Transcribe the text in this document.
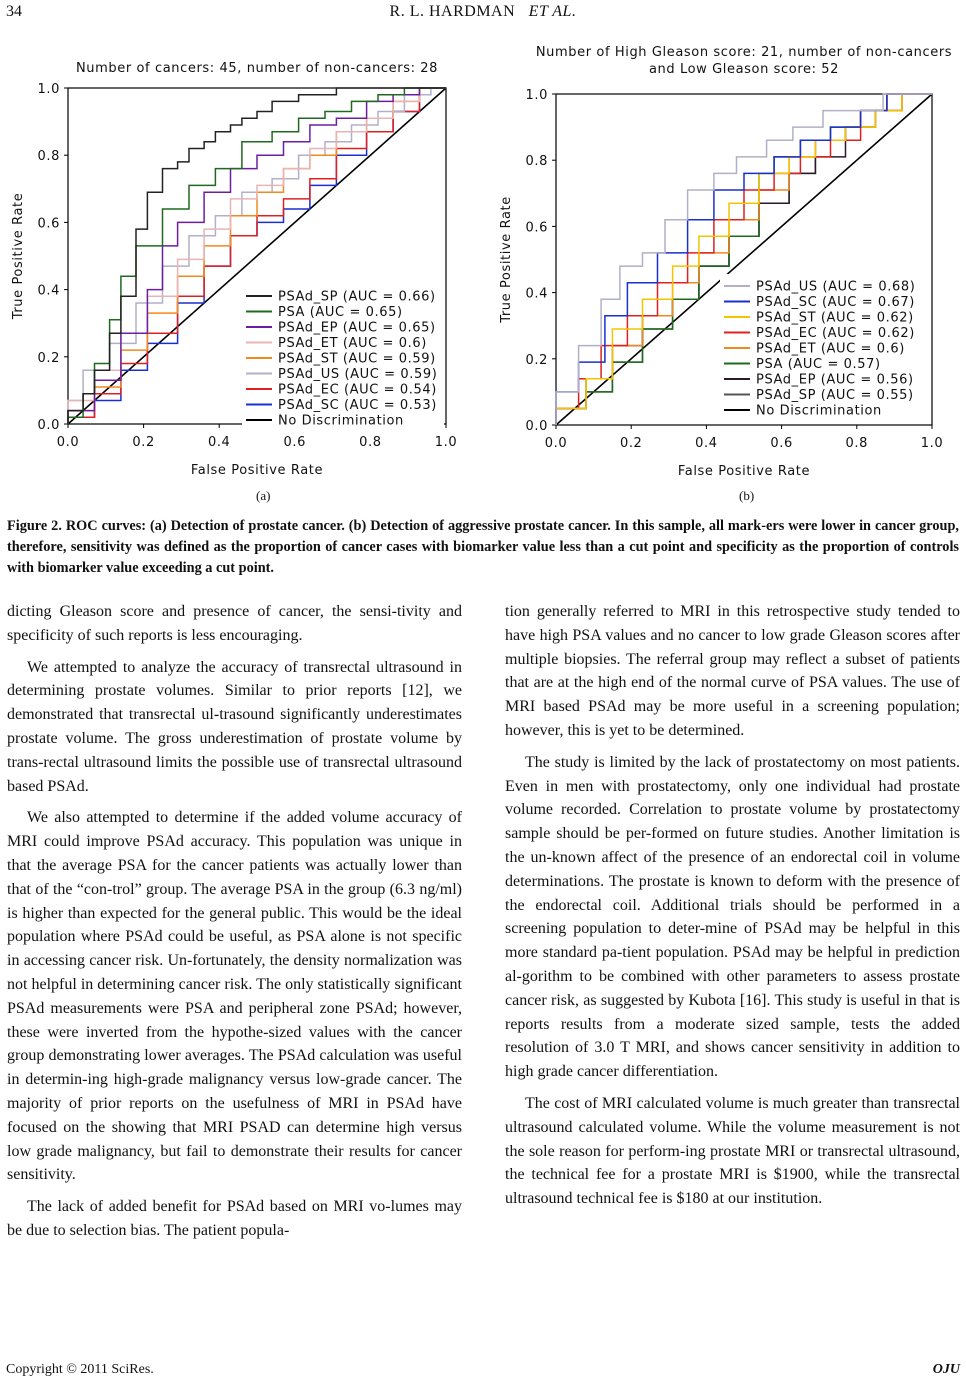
34	R. L. HARDMAN ET AL.
Number of cancers: 45, number of non-cancers: 28
0.0
0.0
0.2
0.2
0.4
0.4
0.6
0.6
0.8
0.8
1.0
1.0
False Positive Rate
True Positive Rate	PSAd_SP (AUC = 0.66)
PSA (AUC = 0.65)
PSAd_EP (AUC = 0.65)
PSAd_ET (AUC = 0.6)
PSAd_ST (AUC = 0.59)
PSAd_US (AUC = 0.59)
PSAd_EC (AUC = 0.54)
PSAd_SC (AUC = 0.53)
No Discrimination
Number of High Gleason score: 21, number of non-cancers
and Low Gleason score: 52
0.0
0.0
0.2
0.2
0.4
0.4
0.6
0.6
0.8
0.8
1.0
1.0
False Positive Rate
True Positive Rate	PSAd_US (AUC = 0.68)
PSAd_SC (AUC = 0.67)
PSAd_ST (AUC = 0.62)
PSAd_EC (AUC = 0.62)
PSAd_ET (AUC = 0.6)
PSA (AUC = 0.57)
PSAd_EP (AUC = 0.56)
PSAd_SP (AUC = 0.55)
No Discrimination
(a)	(b)
Figure 2. ROC curves: (a) Detection of prostate cancer. (b) Detection of aggressive prostate cancer. In this sample, all mark-ers were lower in cancer group, therefore, sensitivity was defined as the proportion of cancer cases with biomarker value less than a cut point and specificity as the proportion of controls with biomarker value exceeding a cut point.

dicting Gleason score and presence of cancer, the sensi-tivity and specificity of such reports is less encouraging.

We attempted to analyze the accuracy of transrectal ultrasound in determining prostate volumes. Similar to prior reports [12], we demonstrated that transrectal ul-trasound significantly underestimates prostate volume. The gross underestimation of prostate volume by trans-rectal ultrasound limits the possible use of transrectal ultrasound based PSAd.

We also attempted to determine if the added volume accuracy of MRI could improve PSAd accuracy. This population was unique in that the average PSA for the cancer patients was actually lower than that of the “con-trol” group. The average PSA in the group (6.3 ng/ml) is higher than expected for the general public. This would be the ideal population where PSAd could be useful, as PSA alone is not specific in accessing cancer risk. Un-fortunately, the density normalization was not helpful in determining cancer risk. The only statistically significant PSAd measurements were PSA and peripheral zone PSAd; however, these were inverted from the hypothe-sized values with the cancer group demonstrating lower averages. The PSAd calculation was useful in determin-ing high-grade malignancy versus low-grade cancer. The majority of prior reports on the usefulness of MRI in PSAd have focused on the showing that MRI PSAD can determine high versus low grade malignancy, but fail to demonstrate their results for cancer sensitivity.

The lack of added benefit for PSAd based on MRI vo-lumes may be due to selection bias. The patient popula-

tion generally referred to MRI in this retrospective study tended to have high PSA values and no cancer to low grade Gleason scores after multiple biopsies. The referral group may reflect a subset of patients that are at the high end of the normal curve of PSA values. The use of MRI based PSAd may be more useful in a screening population; however, this is yet to be determined.

The study is limited by the lack of prostatectomy on most patients. Even in men with prostatectomy, only one individual had prostate volume recorded. Correlation to prostate volume by prostatectomy sample should be per-formed on future studies. Another limitation is the un-known affect of the presence of an endorectal coil in volume determinations. The prostate is known to deform with the presence of the endorectal coil. Additional trials should be performed in a screening population to deter-mine of PSAd may be helpful in this more standard pa-tient population. PSAd may be helpful in prediction al-gorithm to be combined with other parameters to assess prostate cancer risk, as suggested by Kubota [16]. This study is useful in that is reports results from a moderate sized sample, tests the added resolution of 3.0 T MRI, and shows cancer sensitivity in addition to high grade cancer differentiation.

The cost of MRI calculated volume is much greater than transrectal ultrasound calculated volume. While the volume measurement is not the sole reason for perform-ing prostate MRI or transrectal ultrasound, the technical fee for a prostate MRI is $1900, while the transrectal ultrasound technical fee is $180 at our institution.

Copyright © 2011 SciRes.	OJU
